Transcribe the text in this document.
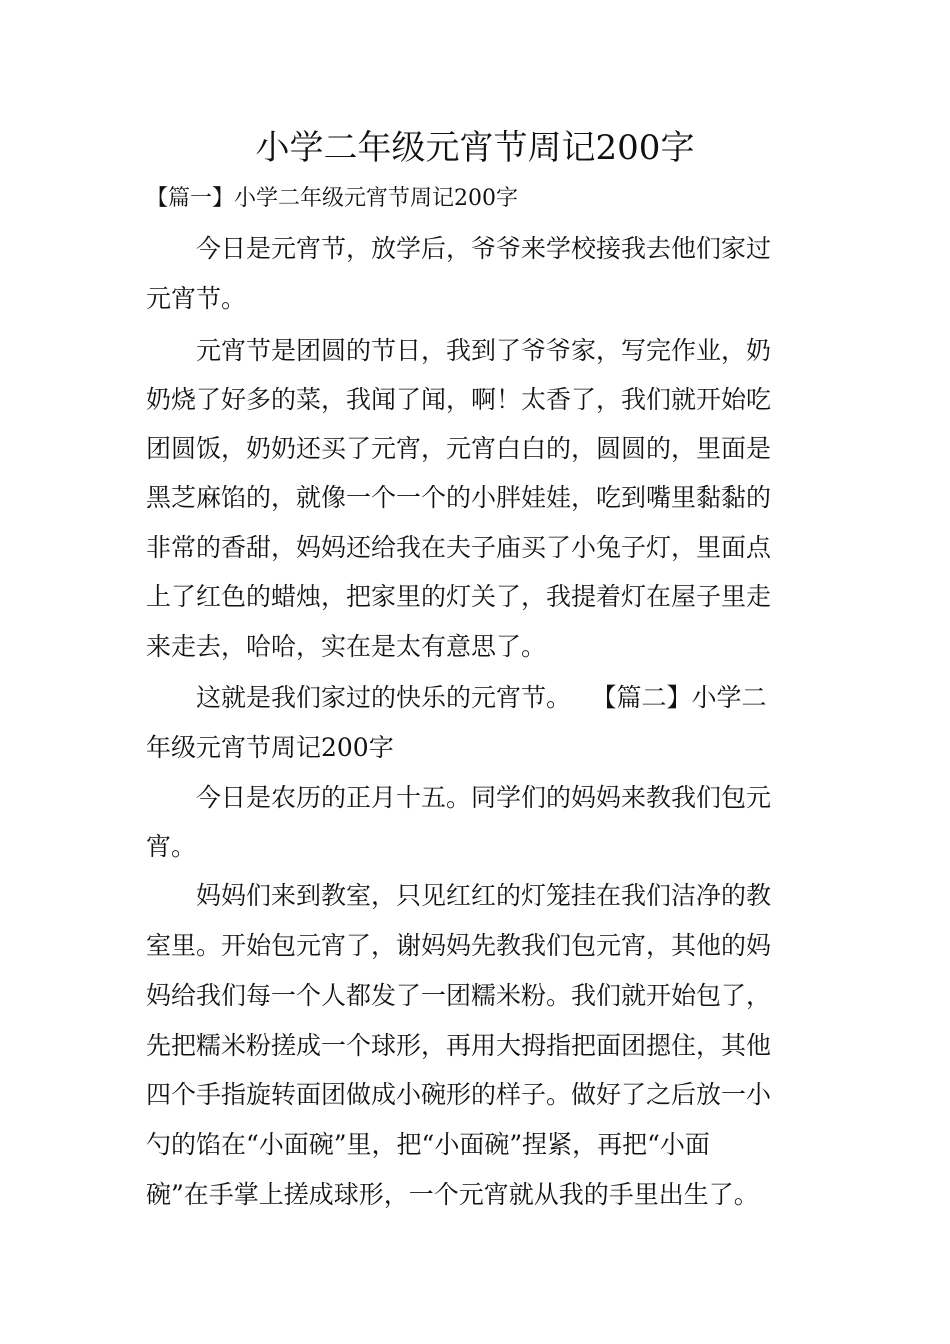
小学二年级元宵节周记200字
【篇一】小学二年级元宵节周记200字
　　今日是元宵节，放学后，爷爷来学校接我去他们家过
元宵节。
　　元宵节是团圆的节日，我到了爷爷家，写完作业，奶
奶烧了好多的菜，我闻了闻，啊！太香了，我们就开始吃
团圆饭，奶奶还买了元宵，元宵白白的，圆圆的，里面是
黑芝麻馅的，就像一个一个的小胖娃娃，吃到嘴里黏黏的
非常的香甜，妈妈还给我在夫子庙买了小兔子灯，里面点
上了红色的蜡烛，把家里的灯关了，我提着灯在屋子里走
来走去，哈哈，实在是太有意思了。
　　这就是我们家过的快乐的元宵节。　 【篇二】小学二
年级元宵节周记200字
　　今日是农历的正月十五。同学们的妈妈来教我们包元
宵。
　　妈妈们来到教室，只见红红的灯笼挂在我们洁净的教
室里。开始包元宵了，谢妈妈先教我们包元宵，其他的妈
妈给我们每一个人都发了一团糯米粉。我们就开始包了，
先把糯米粉搓成一个球形，再用大拇指把面团摁住，其他
四个手指旋转面团做成小碗形的样子。做好了之后放一小
勺的馅在“小面碗”里，把“小面碗”捏紧，再把“小面
碗”在手掌上搓成球形，一个元宵就从我的手里出生了。
